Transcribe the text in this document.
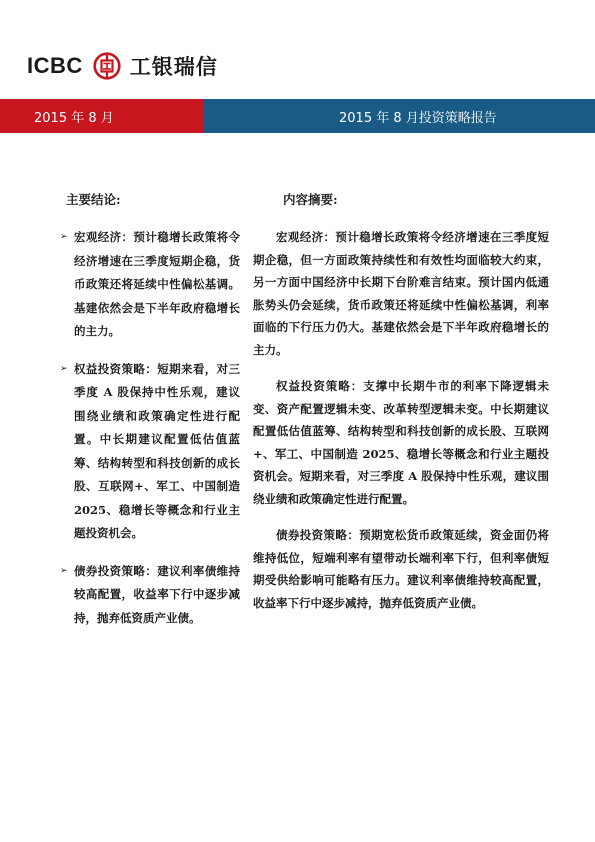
ICBC 工银瑞信
2015 年 8 月	2015 年 8 月投资策略报告
主要结论:
➢ 宏观经济：预计稳增长政策将令经济增速在三季度短期企稳，货币政策还将延续中性偏松基调。基建依然会是下半年政府稳增长的主力。
➢ 权益投资策略：短期来看，对三季度 A 股保持中性乐观，建议围绕业绩和政策确定性进行配置。中长期建议配置低估值蓝筹、结构转型和科技创新的成长股、互联网+、军工、中国制造 2025、稳增长等概念和行业主题投资机会。
➢ 债券投资策略：建议利率债维持较高配置，收益率下行中逐步减持，抛弃低资质产业债。
内容摘要:

宏观经济：预计稳增长政策将令经济增速在三季度短期企稳，但一方面政策持续性和有效性均面临较大约束，另一方面中国经济中长期下台阶难言结束。预计国内低通胀势头仍会延续，货币政策还将延续中性偏松基调，利率面临的下行压力仍大。基建依然会是下半年政府稳增长的主力。

权益投资策略：支撑中长期牛市的利率下降逻辑未变、资产配置逻辑未变、改革转型逻辑未变。中长期建议配置低估值蓝筹、结构转型和科技创新的成长股、互联网+、军工、中国制造 2025、稳增长等概念和行业主题投资机会。短期来看，对三季度 A 股保持中性乐观，建议围绕业绩和政策确定性进行配置。

债券投资策略：预期宽松货币政策延续，资金面仍将维持低位，短端利率有望带动长端利率下行，但利率债短期受供给影响可能略有压力。建议利率债维持较高配置，收益率下行中逐步减持，抛弃低资质产业债。
